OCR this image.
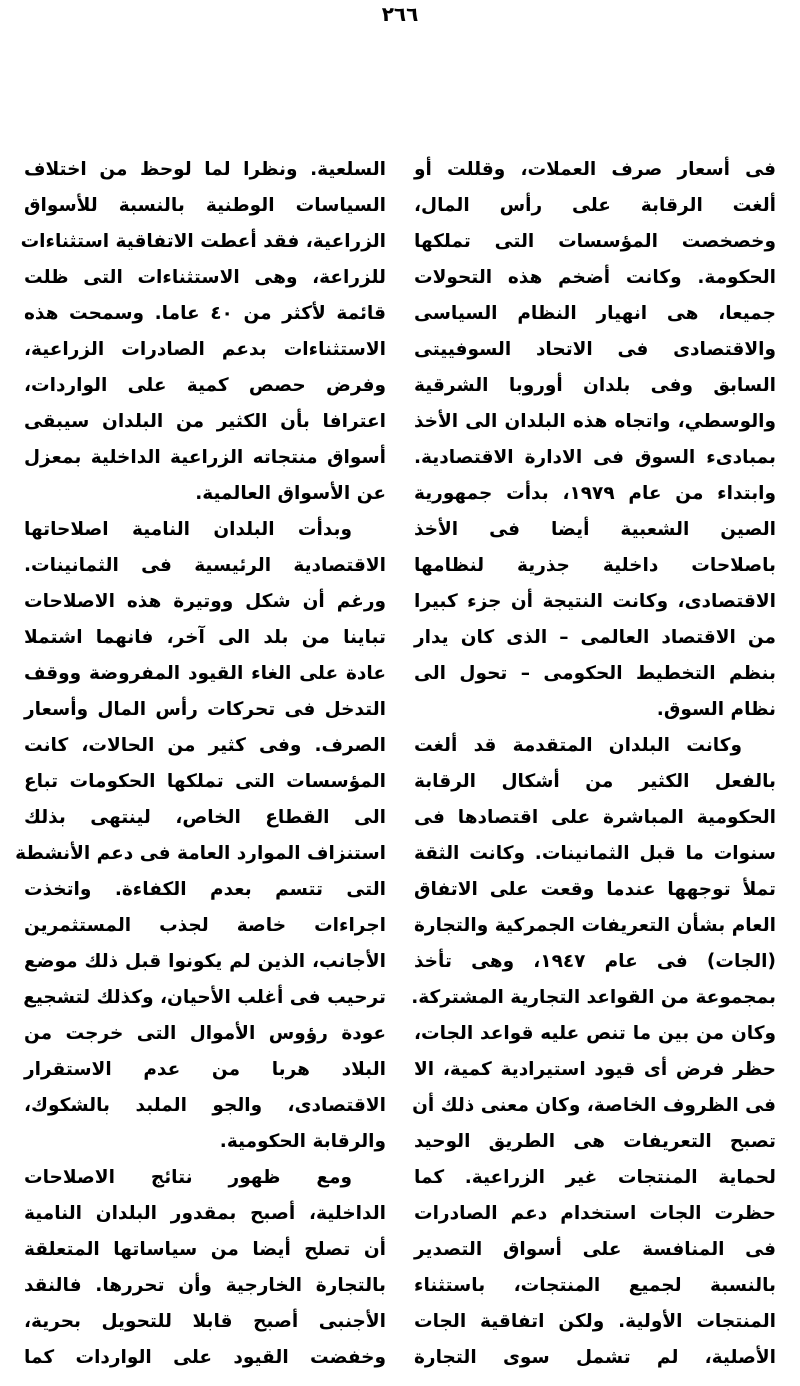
٢٦٦
فى أسعار صرف العملات، وقللت أو
ألغت الرقابة على رأس المال،
وخصخصت المؤسسات التى تملكها
الحكومة. وكانت أضخم هذه التحولات
جميعا، هى انهيار النظام السياسى
والاقتصادى فى الاتحاد السوفييتى
السابق وفى بلدان أوروبا الشرقية
والوسطي، واتجاه هذه البلدان الى الأخذ
بمبادىء السوق فى الادارة الاقتصادية.
وابتداء من عام ١٩٧٩، بدأت جمهورية
الصين الشعبية أيضا فى الأخذ
باصلاحات داخلية جذرية لنظامها
الاقتصادى، وكانت النتيجة أن جزء كبيرا
من الاقتصاد العالمى – الذى كان يدار
بنظم التخطيط الحكومى – تحول الى
نظام السوق.
وكانت البلدان المتقدمة قد ألغت
بالفعل الكثير من أشكال الرقابة
الحكومية المباشرة على اقتصادها فى
سنوات ما قبل الثمانينات. وكانت الثقة
تملأ توجهها عندما وقعت على الاتفاق
العام بشأن التعريفات الجمركية والتجارة
(الجات) فى عام ١٩٤٧، وهى تأخذ
بمجموعة من القواعد التجارية المشتركة.
وكان من بين ما تنص عليه قواعد الجات،
حظر فرض أى قيود استيرادية كمية، الا
فى الظروف الخاصة، وكان معنى ذلك أن
تصبح التعريفات هى الطريق الوحيد
لحماية المنتجات غير الزراعية. كما
حظرت الجات استخدام دعم الصادرات
فى المنافسة على أسواق التصدير
بالنسبة لجميع المنتجات، باستثناء
المنتجات الأولية. ولكن اتفاقية الجات
الأصلية، لم تشمل سوى التجارة
السلعية. ونظرا لما لوحظ من اختلاف
السياسات الوطنية بالنسبة للأسواق
الزراعية، فقد أعطت الاتفاقية استثناءات
للزراعة، وهى الاستثناءات التى ظلت
قائمة لأكثر من ٤٠ عاما. وسمحت هذه
الاستثناءات بدعم الصادرات الزراعية،
وفرض حصص كمية على الواردات،
اعترافا بأن الكثير من البلدان سيبقى
أسواق منتجاته الزراعية الداخلية بمعزل
عن الأسواق العالمية.
وبدأت البلدان النامية اصلاحاتها
الاقتصادية الرئيسية فى الثمانينات.
ورغم أن شكل ووتيرة هذه الاصلاحات
تباينا من بلد الى آخر، فانهما اشتملا
عادة على الغاء القيود المفروضة ووقف
التدخل فى تحركات رأس المال وأسعار
الصرف. وفى كثير من الحالات، كانت
المؤسسات التى تملكها الحكومات تباع
الى القطاع الخاص، لينتهى بذلك
استنزاف الموارد العامة فى دعم الأنشطة
التى تتسم بعدم الكفاءة. واتخذت
اجراءات خاصة لجذب المستثمرين
الأجانب، الذين لم يكونوا قبل ذلك موضع
ترحيب فى أغلب الأحيان، وكذلك لتشجيع
عودة رؤوس الأموال التى خرجت من
البلاد هربا من عدم الاستقرار
الاقتصادى، والجو الملبد بالشكوك،
والرقابة الحكومية.
ومع ظهور نتائج الاصلاحات
الداخلية، أصبح بمقدور البلدان النامية
أن تصلح أيضا من سياساتها المتعلقة
بالتجارة الخارجية وأن تحررها. فالنقد
الأجنبى أصبح قابلا للتحويل بحرية،
وخفضت القيود على الواردات كما
